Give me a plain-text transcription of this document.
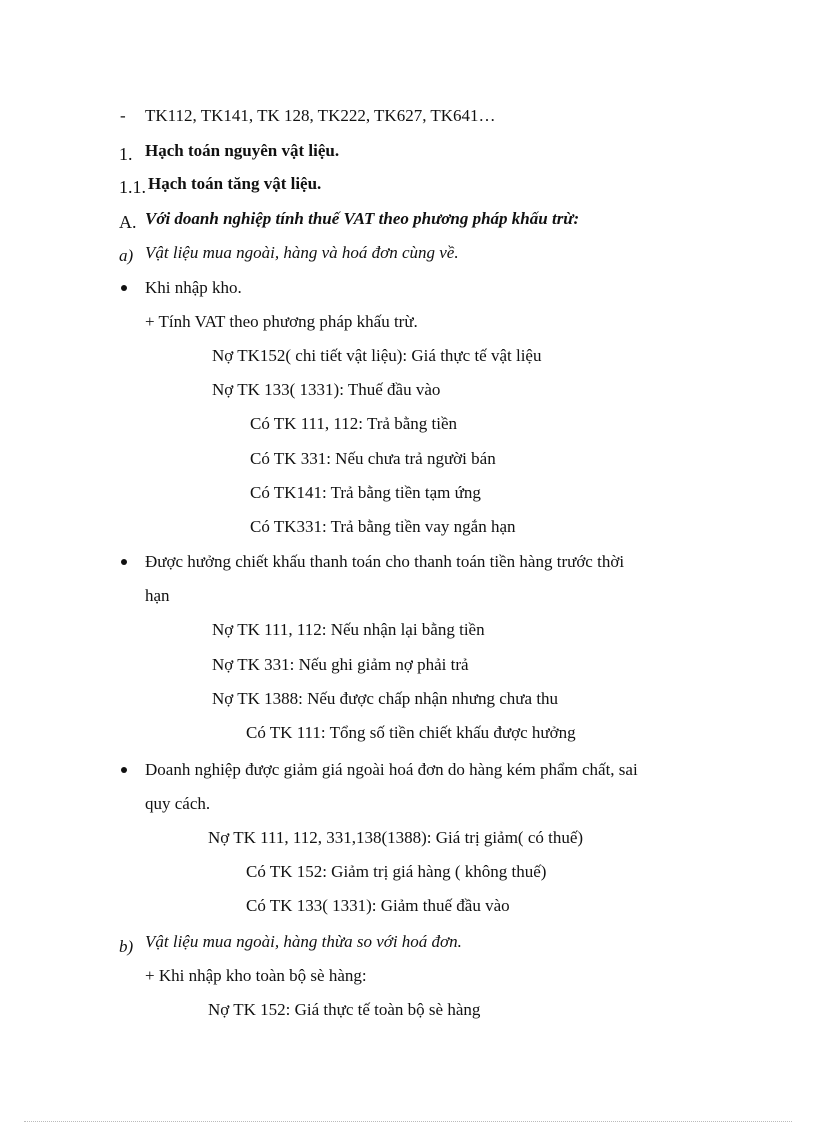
- TK112, TK141, TK 128, TK222, TK627, TK641…
1. Hạch toán nguyên vật liệu.
1.1. Hạch toán tăng vật liệu.
A. Với doanh nghiệp tính thuế VAT theo phương pháp khấu trừ:
a) Vật liệu mua ngoài, hàng và hoá đơn cùng về.
Khi nhập kho.
+ Tính VAT theo phương pháp khấu trừ.
Nợ TK152( chi tiết vật liệu): Giá thực tế vật liệu
Nợ TK 133( 1331): Thuế đầu vào
Có TK 111, 112: Trả bằng tiền
Có TK 331: Nếu chưa trả người bán
Có TK141: Trả bằng tiền tạm ứng
Có TK331: Trả bằng tiền vay ngắn hạn
Được hưởng chiết khấu thanh toán cho thanh toán tiền hàng trước thời
hạn
Nợ TK 111, 112: Nếu nhận lại bằng tiền
Nợ TK 331: Nếu ghi giảm nợ phải trả
Nợ TK 1388: Nếu được chấp nhận nhưng chưa thu
Có TK 111: Tổng số tiền chiết khấu được hưởng
Doanh nghiệp được giảm giá ngoài hoá đơn do hàng kém phẩm chất, sai
quy cách.
Nợ TK 111, 112, 331,138(1388): Giá trị giảm( có thuế)
Có TK 152: Giảm trị giá hàng ( không thuế)
Có TK 133( 1331): Giảm thuế đầu vào
b) Vật liệu mua ngoài, hàng thừa so với hoá đơn.
+ Khi nhập kho toàn bộ sè hàng:
Nợ TK 152: Giá thực tế toàn bộ sè hàng
